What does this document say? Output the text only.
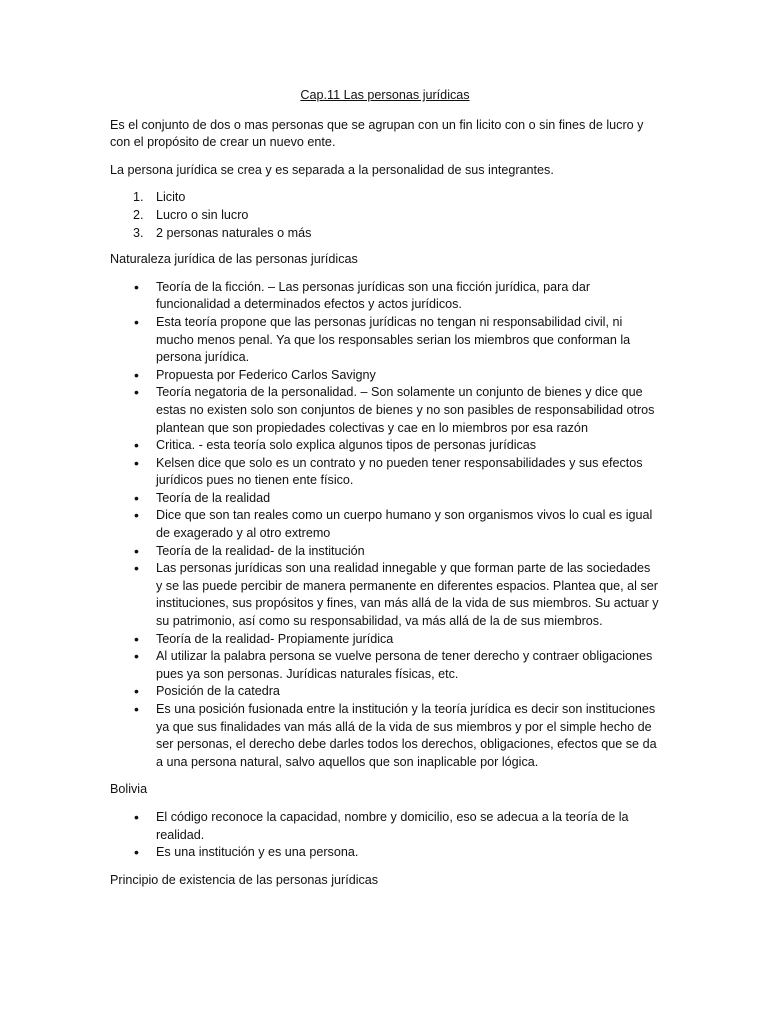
Cap.11 Las personas jurídicas

Es el conjunto de dos o mas personas que se agrupan con un fin licito con o sin fines de lucro y con el propósito de crear un nuevo ente.

La persona jurídica se crea y es separada a la personalidad de sus integrantes.

1. Licito
2. Lucro o sin lucro
3. 2 personas naturales o más
Naturaleza jurídica de las personas jurídicas
• Teoría de la ficción. – Las personas jurídicas son una ficción jurídica, para dar funcionalidad a determinados efectos y actos jurídicos.
• Esta teoría propone que las personas jurídicas no tengan ni responsabilidad civil, ni mucho menos penal. Ya que los responsables serian los miembros que conforman la persona jurídica.
• Propuesta por Federico Carlos Savigny
• Teoría negatoria de la personalidad. – Son solamente un conjunto de bienes y dice que estas no existen solo son conjuntos de bienes y no son pasibles de responsabilidad otros plantean que son propiedades colectivas y cae en lo miembros por esa razón
• Critica. - esta teoría solo explica algunos tipos de personas jurídicas
• Kelsen dice que solo es un contrato y no pueden tener responsabilidades y sus efectos jurídicos pues no tienen ente físico.
• Teoría de la realidad
• Dice que son tan reales como un cuerpo humano y son organismos vivos lo cual es igual de exagerado y al otro extremo
• Teoría de la realidad- de la institución
• Las personas jurídicas son una realidad innegable y que forman parte de las sociedades y se las puede percibir de manera permanente en diferentes espacios. Plantea que, al ser instituciones, sus propósitos y fines, van más allá de la vida de sus miembros. Su actuar y su patrimonio, así como su responsabilidad, va más allá de la de sus miembros.
• Teoría de la realidad- Propiamente jurídica
• Al utilizar la palabra persona se vuelve persona de tener derecho y contraer obligaciones pues ya son personas. Jurídicas naturales físicas, etc.
• Posición de la catedra
• Es una posición fusionada entre la institución y la teoría jurídica es decir son instituciones ya que sus finalidades van más allá de la vida de sus miembros y por el simple hecho de ser personas, el derecho debe darles todos los derechos, obligaciones, efectos que se da a una persona natural, salvo aquellos que son inaplicable por lógica.
Bolivia
• El código reconoce la capacidad, nombre y domicilio, eso se adecua a la teoría de la realidad.
• Es una institución y es una persona.
Principio de existencia de las personas jurídicas
